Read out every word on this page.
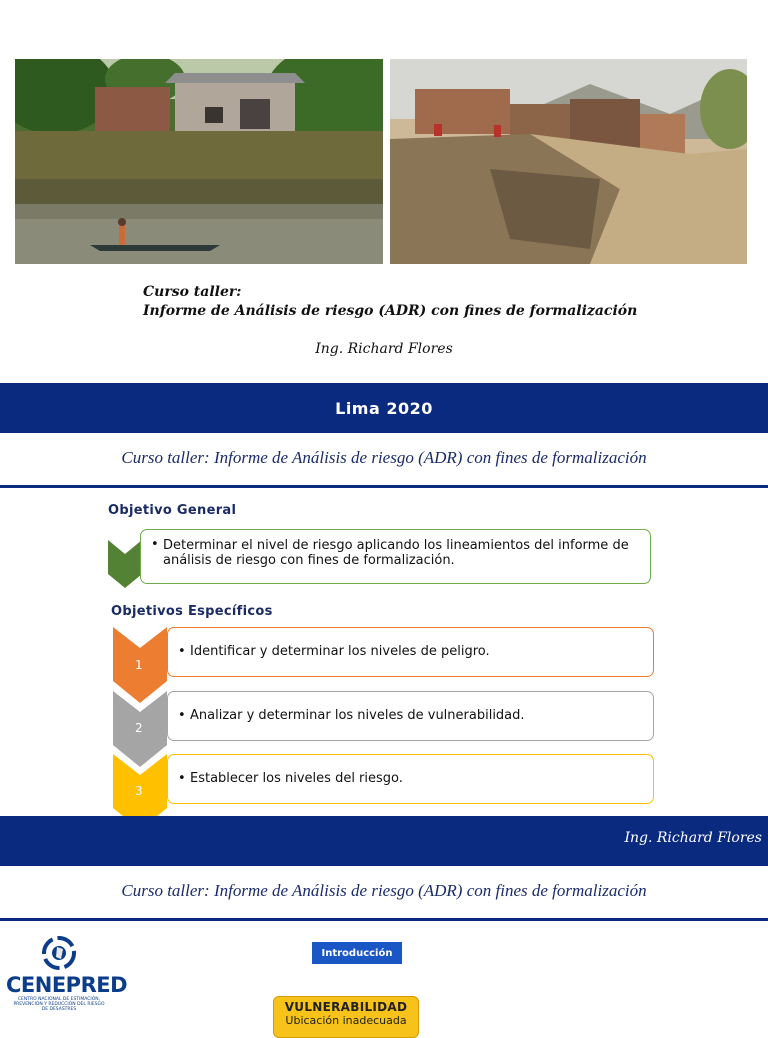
Curso taller:
Informe de Análisis de riesgo (ADR) con fines de formalización
Ing. Richard Flores
Lima 2020
Curso taller: Informe de Análisis de riesgo (ADR) con fines de formalización
Objetivo General
• Determinar el nivel de riesgo aplicando los lineamientos del informe de análisis de riesgo con fines de formalización.
Objetivos Específicos
1
• Identificar y determinar los niveles de peligro.
2
• Analizar y determinar los niveles de vulnerabilidad.
3
• Establecer los niveles del riesgo.
Ing. Richard Flores
Curso taller: Informe de Análisis de riesgo (ADR) con fines de formalización
CENEPRED
CENTRO NACIONAL DE ESTIMACIÓN,
PREVENCIÓN Y REDUCCIÓN DEL RIESGO
DE DESASTRES
Introducción
VULNERABILIDAD
Ubicación inadecuada
